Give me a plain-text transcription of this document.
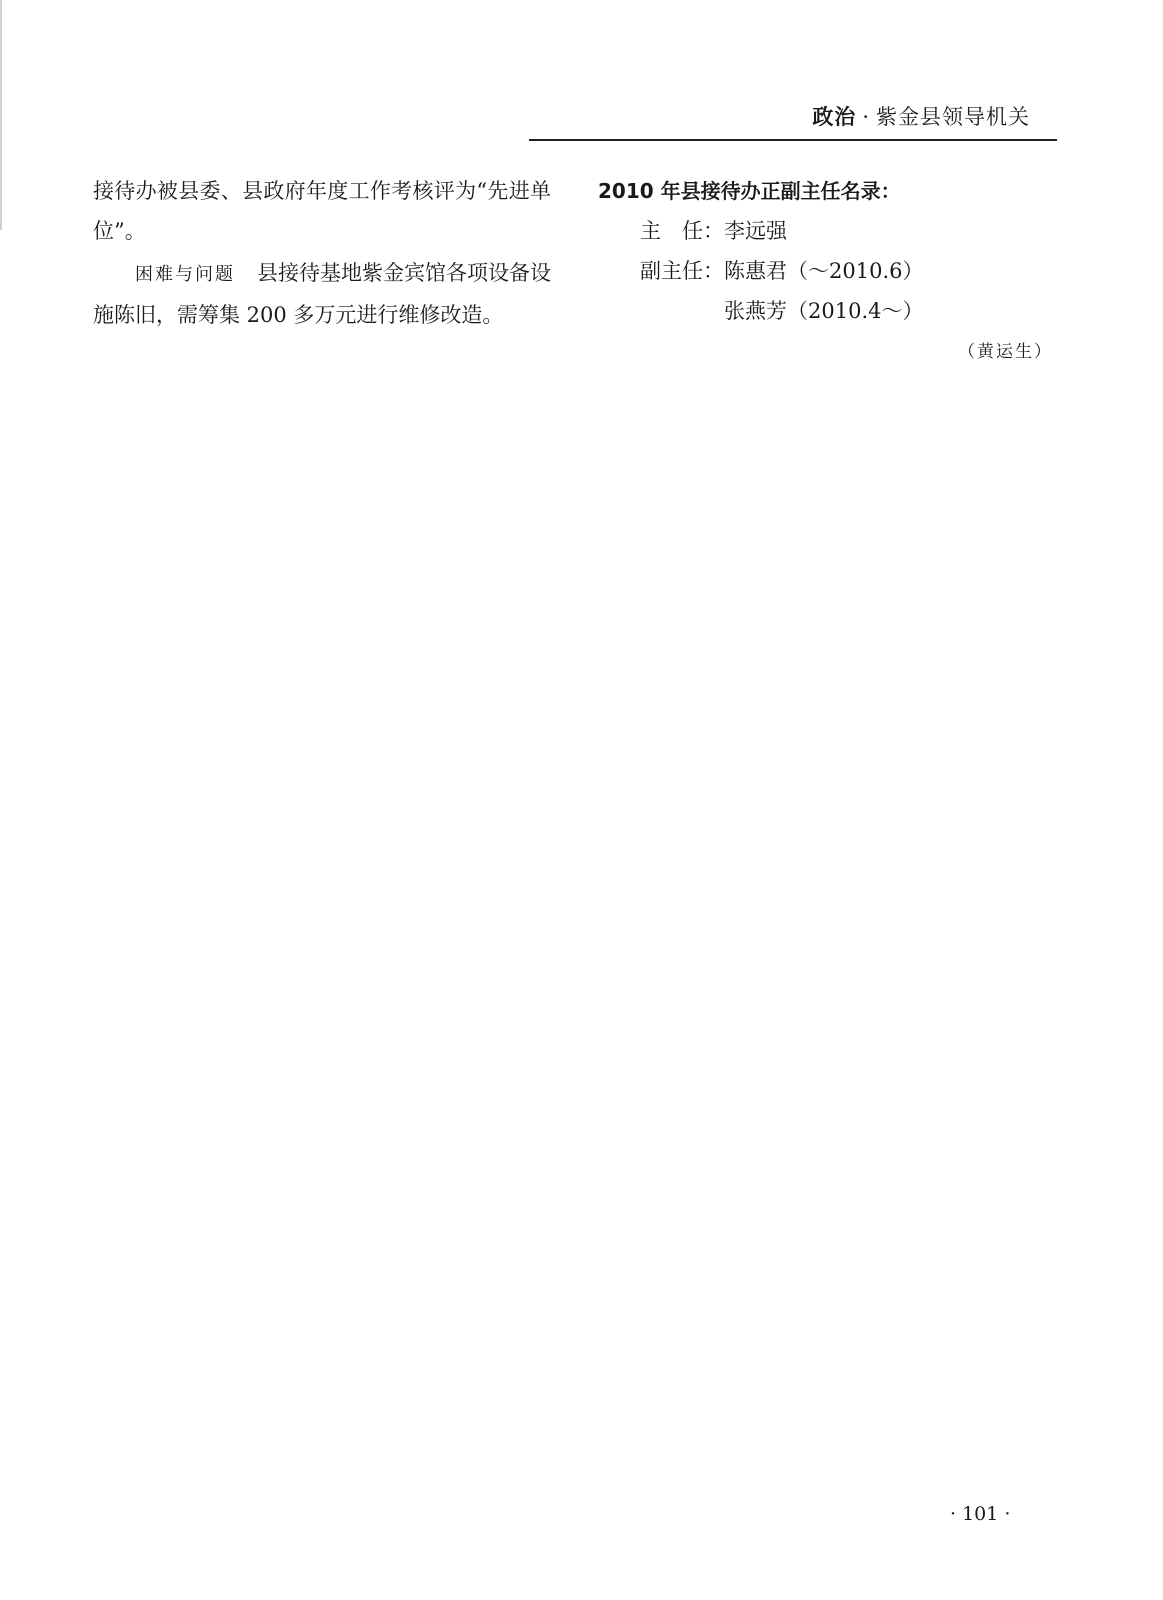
政治 · 紫金县领导机关

接待办被县委、县政府年度工作考核评为“先进单位”。

困难与问题 县接待基地紫金宾馆各项设备设施陈旧，需筹集 200 多万元进行维修改造。

2010 年县接待办正副主任名录：
主　任：李远强
副主任：陈惠君（～2010.6）
张燕芳（2010.4～）
（黄运生）
· 101 ·
